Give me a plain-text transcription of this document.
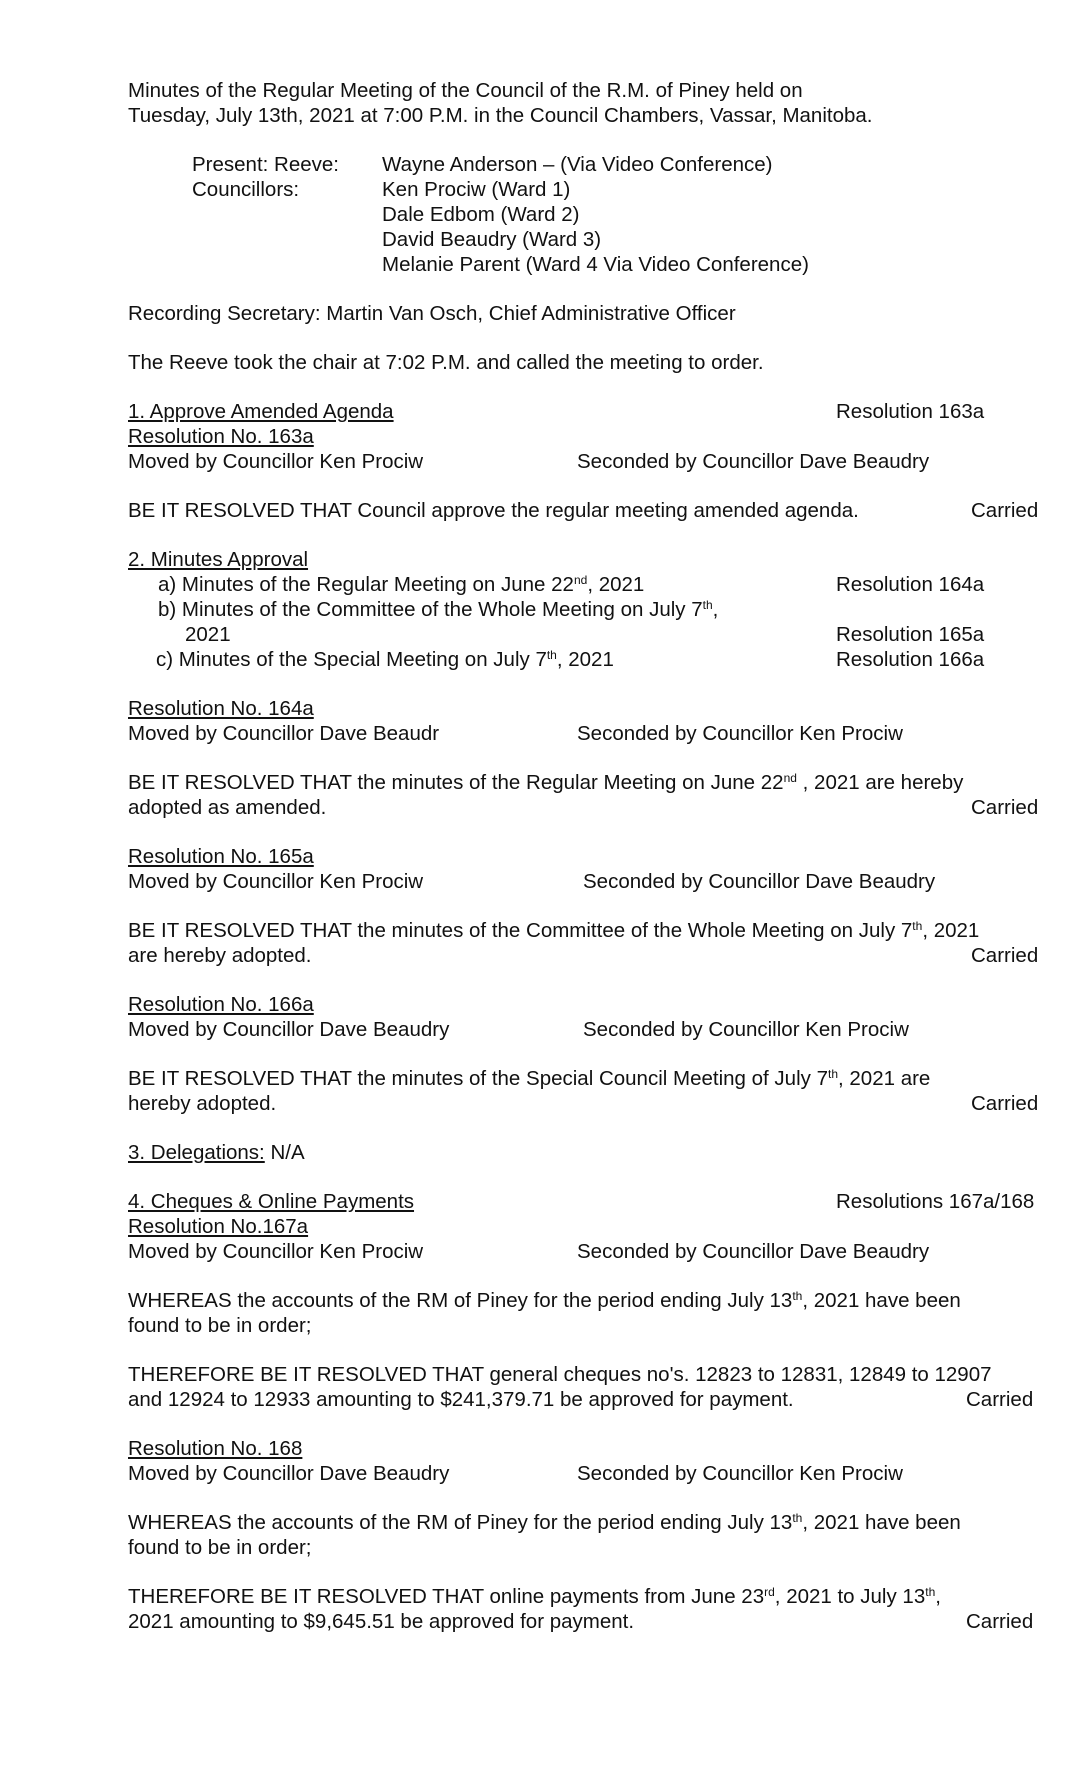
Minutes of the Regular Meeting of the Council of the R.M. of Piney held on
Tuesday, July 13th, 2021 at 7:00 P.M. in the Council Chambers, Vassar, Manitoba.
Present: Reeve: Wayne Anderson – (Via Video Conference)
Councillors:	Ken Prociw (Ward 1)
Dale Edbom (Ward 2)
David Beaudry (Ward 3)
Melanie Parent (Ward 4 Via Video Conference)
Recording Secretary: Martin Van Osch, Chief Administrative Officer
The Reeve took the chair at 7:02 P.M. and called the meeting to order.
1. Approve Amended Agenda	Resolution 163a
Resolution No. 163a
Moved by Councillor Ken Prociw	Seconded by Councillor Dave Beaudry
BE IT RESOLVED THAT Council approve the regular meeting amended agenda.	Carried
2. Minutes Approval
a) Minutes of the Regular Meeting on June 22nd, 2021	Resolution 164a
b) Minutes of the Committee of the Whole Meeting on July 7th,
2021	Resolution 165a
c) Minutes of the Special Meeting on July 7th, 2021	Resolution 166a
Resolution No. 164a
Moved by Councillor Dave Beaudr	Seconded by Councillor Ken Prociw
BE IT RESOLVED THAT the minutes of the Regular Meeting on June 22nd , 2021 are hereby
adopted as amended.	Carried
Resolution No. 165a
Moved by Councillor Ken Prociw	Seconded by Councillor Dave Beaudry
BE IT RESOLVED THAT the minutes of the Committee of the Whole Meeting on July 7th, 2021
are hereby adopted.	Carried
Resolution No. 166a
Moved by Councillor Dave Beaudry	Seconded by Councillor Ken Prociw
BE IT RESOLVED THAT the minutes of the Special Council Meeting of July 7th, 2021 are
hereby adopted.	Carried
3. Delegations: N/A
4. Cheques & Online Payments	Resolutions 167a/168
Resolution No.167a
Moved by Councillor Ken Prociw	Seconded by Councillor Dave Beaudry
WHEREAS the accounts of the RM of Piney for the period ending July 13th, 2021 have been
found to be in order;
THEREFORE BE IT RESOLVED THAT general cheques no's. 12823 to 12831, 12849 to 12907
and 12924 to 12933 amounting to $241,379.71 be approved for payment.	Carried
Resolution No. 168
Moved by Councillor Dave Beaudry	Seconded by Councillor Ken Prociw
WHEREAS the accounts of the RM of Piney for the period ending July 13th, 2021 have been
found to be in order;
THEREFORE BE IT RESOLVED THAT online payments from June 23rd, 2021 to July 13th,
2021 amounting to $9,645.51 be approved for payment.	Carried
